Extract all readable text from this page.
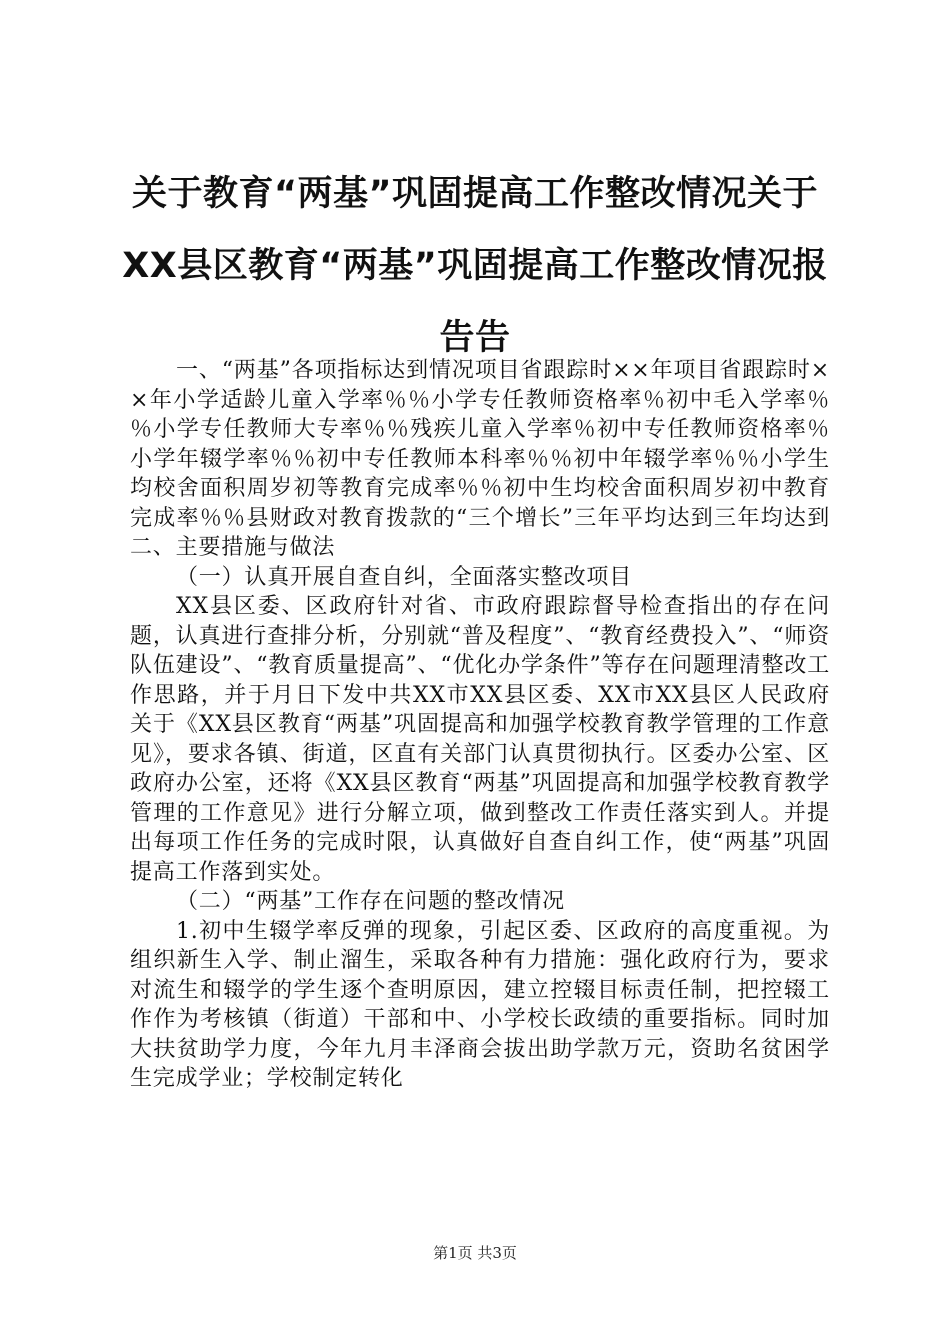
关于教育“两基”巩固提高工作整改情况关于XX县区教育“两基”巩固提高工作整改情况报告告

一、“两基”各项指标达到情况项目省跟踪时××年项目省跟踪时××年小学适龄儿童入学率％％小学专任教师资格率％初中毛入学率％％小学专任教师大专率％％残疾儿童入学率％初中专任教师资格率％小学年辍学率％％初中专任教师本科率％％初中年辍学率％％小学生均校舍面积周岁初等教育完成率％％初中生均校舍面积周岁初中教育完成率％％县财政对教育拨款的“三个增长”三年平均达到三年均达到二、主要措施与做法

（一）认真开展自查自纠，全面落实整改项目

XX县区委、区政府针对省、市政府跟踪督导检查指出的存在问题，认真进行查排分析，分别就“普及程度”、“教育经费投入”、“师资队伍建设”、“教育质量提高”、“优化办学条件”等存在问题理清整改工作思路，并于月日下发中共XX市XX县区委、XX市XX县区人民政府关于《XX县区教育“两基”巩固提高和加强学校教育教学管理的工作意见》，要求各镇、街道，区直有关部门认真贯彻执行。区委办公室、区政府办公室，还将《XX县区教育“两基”巩固提高和加强学校教育教学管理的工作意见》进行分解立项，做到整改工作责任落实到人。并提出每项工作任务的完成时限，认真做好自查自纠工作，使“两基”巩固提高工作落到实处。

（二）“两基”工作存在问题的整改情况

1.初中生辍学率反弹的现象，引起区委、区政府的高度重视。为组织新生入学、制止溜生，采取各种有力措施：强化政府行为，要求对流生和辍学的学生逐个查明原因，建立控辍目标责任制，把控辍工作作为考核镇（街道）干部和中、小学校长政绩的重要指标。同时加大扶贫助学力度，今年九月丰泽商会拔出助学款万元，资助名贫困学生完成学业；学校制定转化

第1页 共3页
